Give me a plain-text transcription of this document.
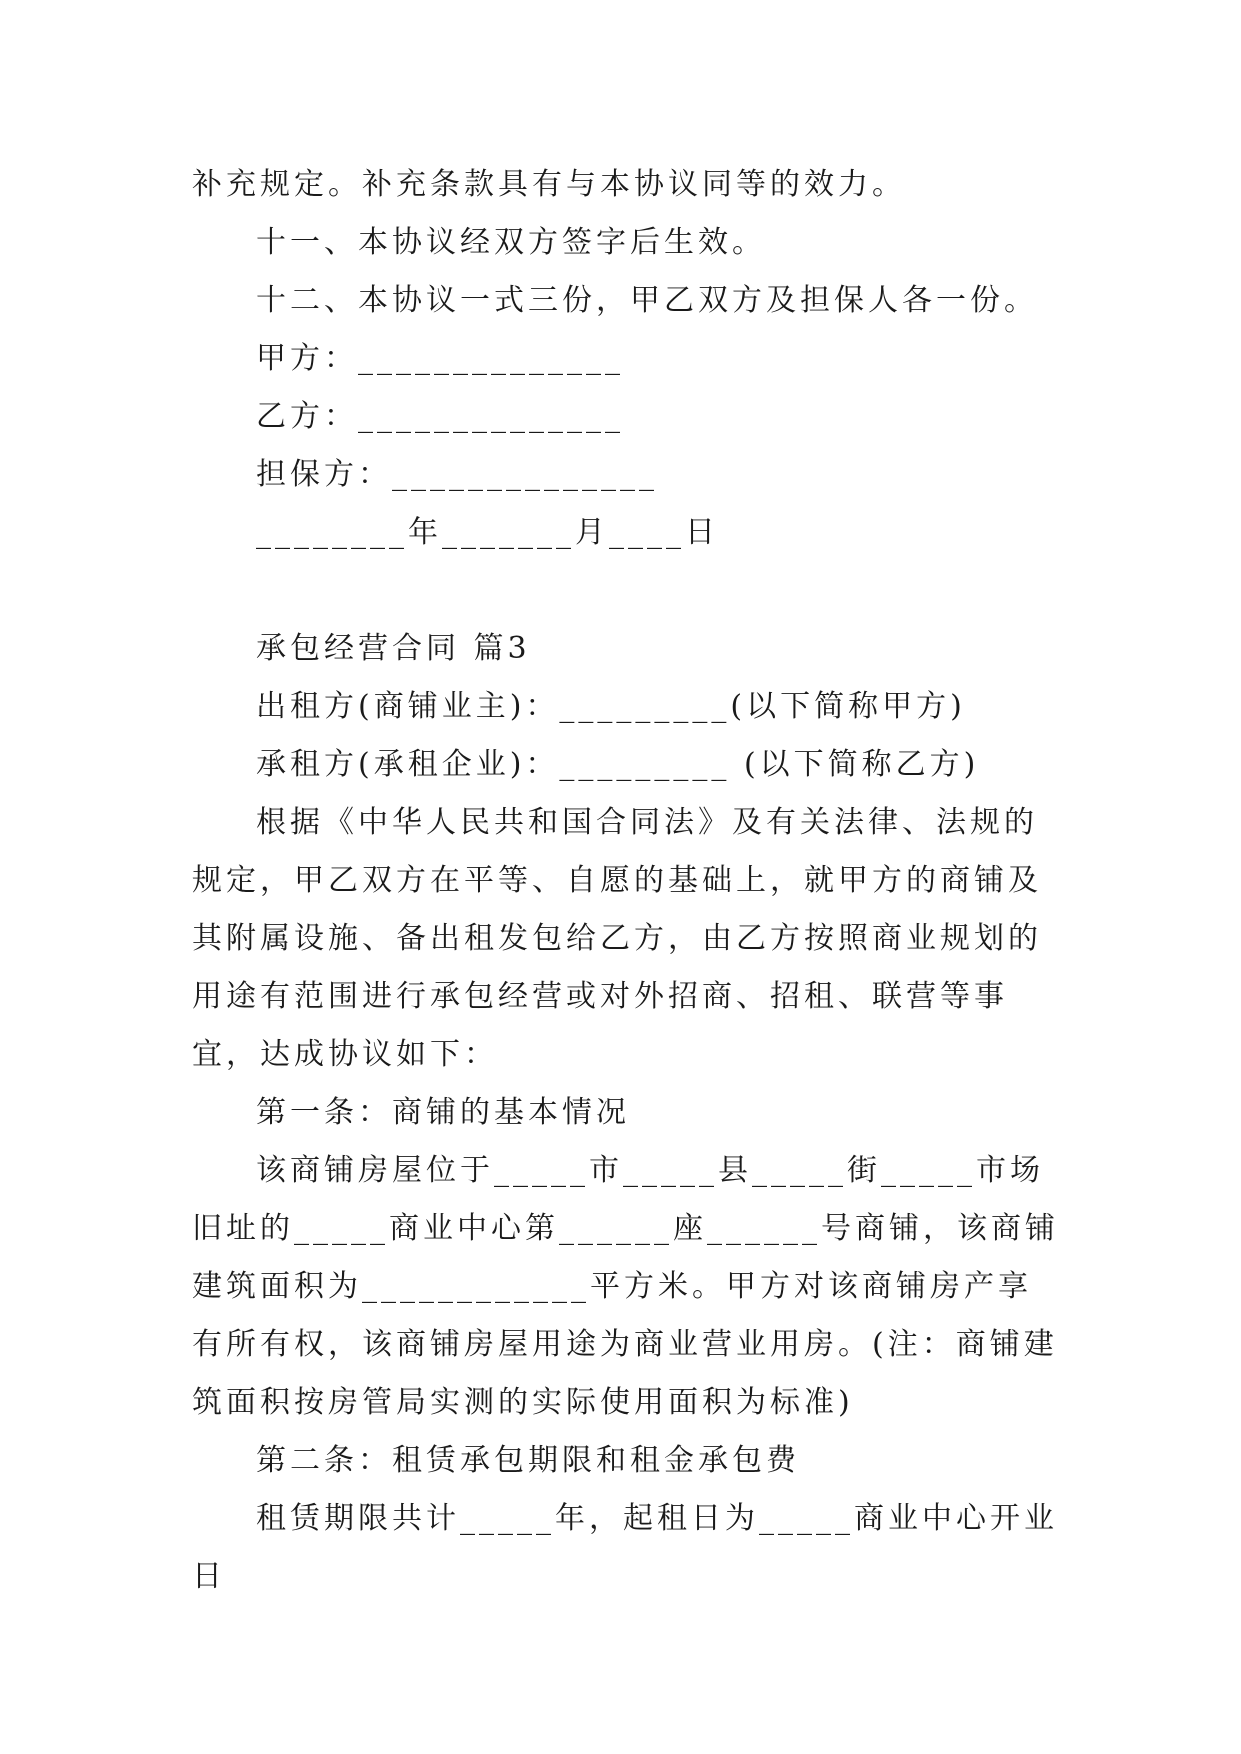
补充规定。补充条款具有与本协议同等的效力。

十一、本协议经双方签字后生效。

十二、本协议一式三份，甲乙双方及担保人各一份。

甲方：______________

乙方：______________

担保方：______________

________年_______月____日

承包经营合同 篇3

出租方(商铺业主)：_________(以下简称甲方)

承租方(承租企业)：_________ (以下简称乙方)

根据《中华人民共和国合同法》及有关法律、法规的规定，甲乙双方在平等、自愿的基础上，就甲方的商铺及其附属设施、备出租发包给乙方，由乙方按照商业规划的用途有范围进行承包经营或对外招商、招租、联营等事宜，达成协议如下：

第一条：商铺的基本情况

该商铺房屋位于_____市_____县_____街_____市场旧址的_____商业中心第______座______号商铺，该商铺建筑面积为____________平方米。甲方对该商铺房产享有所有权，该商铺房屋用途为商业营业用房。(注：商铺建筑面积按房管局实测的实际使用面积为标准)

第二条：租赁承包期限和租金承包费

租赁期限共计_____年，起租日为_____商业中心开业日
